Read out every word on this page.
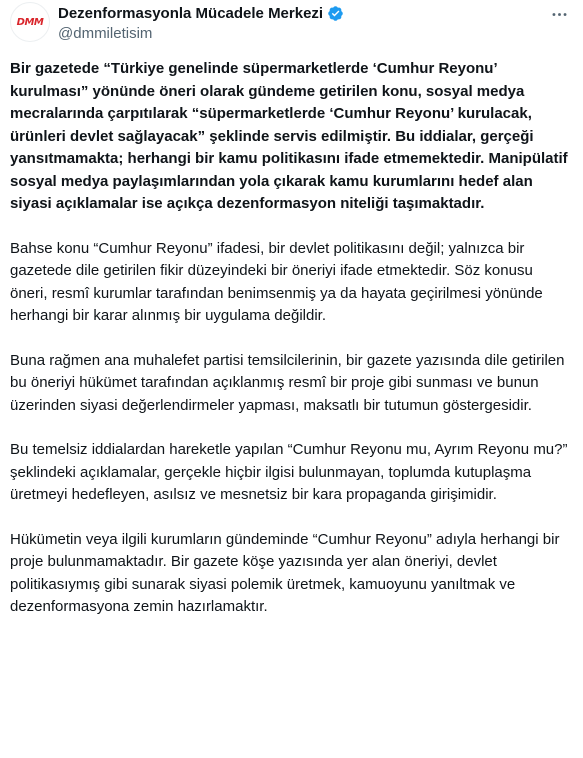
DMM
Dezenformasyonla Mücadele Merkezi
@dmmiletisim

Bir gazetede “Türkiye genelinde süpermarketlerde ‘Cumhur Reyonu’ kurulması” yönünde öneri olarak gündeme getirilen konu, sosyal medya mecralarında çarpıtılarak “süpermarketlerde ‘Cumhur Reyonu’ kurulacak, ürünleri devlet sağlayacak” şeklinde servis edilmiştir. Bu iddialar, gerçeği yansıtmamakta; herhangi bir kamu politikasını ifade etmemektedir. Manipülatif sosyal medya paylaşımlarından yola çıkarak kamu kurumlarını hedef alan siyasi açıklamalar ise açıkça dezenformasyon niteliği taşımaktadır.

Bahse konu “Cumhur Reyonu” ifadesi, bir devlet politikasını değil; yalnızca bir gazetede dile getirilen fikir düzeyindeki bir öneriyi ifade etmektedir. Söz konusu öneri, resmî kurumlar tarafından benimsenmiş ya da hayata geçirilmesi yönünde herhangi bir karar alınmış bir uygulama değildir.

Buna rağmen ana muhalefet partisi temsilcilerinin, bir gazete yazısında dile getirilen bu öneriyi hükümet tarafından açıklanmış resmî bir proje gibi sunması ve bunun üzerinden siyasi değerlendirmeler yapması, maksatlı bir tutumun göstergesidir.

Bu temelsiz iddialardan hareketle yapılan “Cumhur Reyonu mu, Ayrım Reyonu mu?” şeklindeki açıklamalar, gerçekle hiçbir ilgisi bulunmayan, toplumda kutuplaşma üretmeyi hedefleyen, asılsız ve mesnetsiz bir kara propaganda girişimidir.

Hükümetin veya ilgili kurumların gündeminde “Cumhur Reyonu” adıyla herhangi bir proje bulunmamaktadır. Bir gazete köşe yazısında yer alan öneriyi, devlet politikasıymış gibi sunarak siyasi polemik üretmek, kamuoyunu yanıltmak ve dezenformasyona zemin hazırlamaktır.
